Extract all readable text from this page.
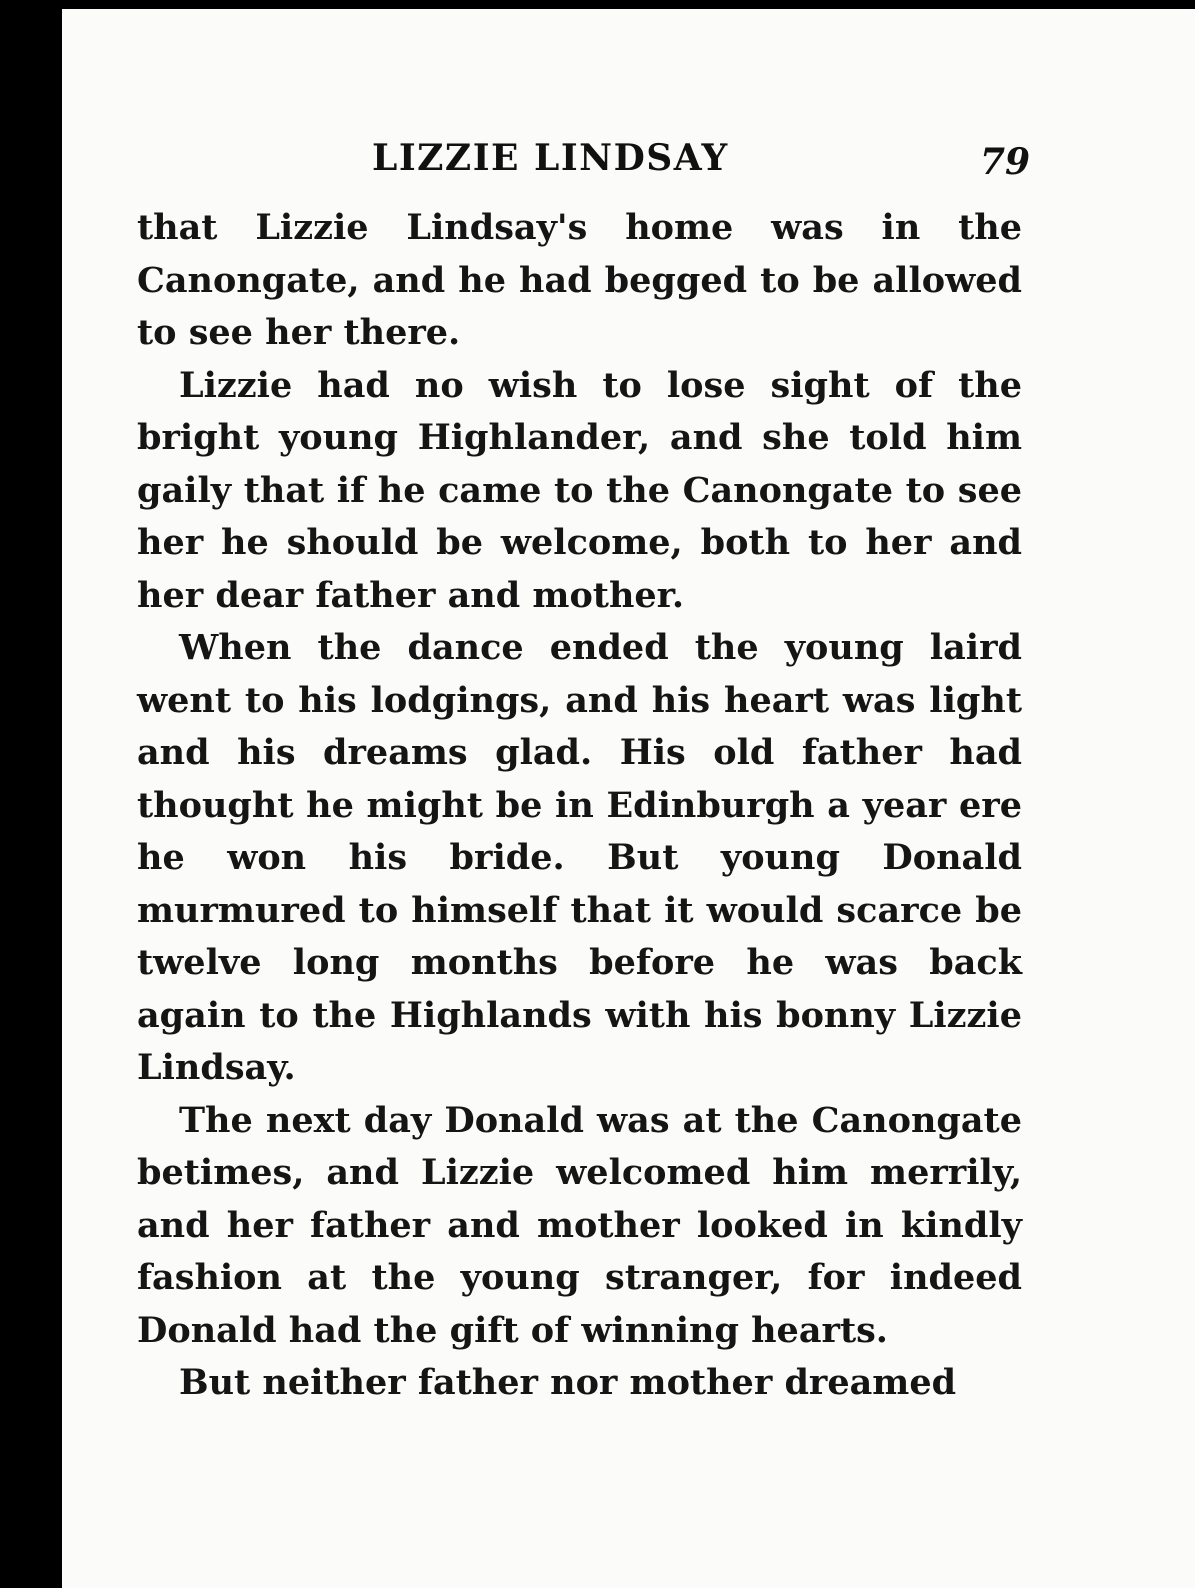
LIZZIE LINDSAY	79

that Lizzie Lindsay's home was in the Canongate, and he had begged to be allowed to see her there.

Lizzie had no wish to lose sight of the bright young Highlander, and she told him gaily that if he came to the Canongate to see her he should be welcome, both to her and her dear father and mother.

When the dance ended the young laird went to his lodgings, and his heart was light and his dreams glad. His old father had thought he might be in Edinburgh a year ere he won his bride. But young Donald murmured to himself that it would scarce be twelve long months before he was back again to the Highlands with his bonny Lizzie Lindsay.

The next day Donald was at the Canongate betimes, and Lizzie welcomed him merrily, and her father and mother looked in kindly fashion at the young stranger, for indeed Donald had the gift of winning hearts.

But neither father nor mother dreamed
